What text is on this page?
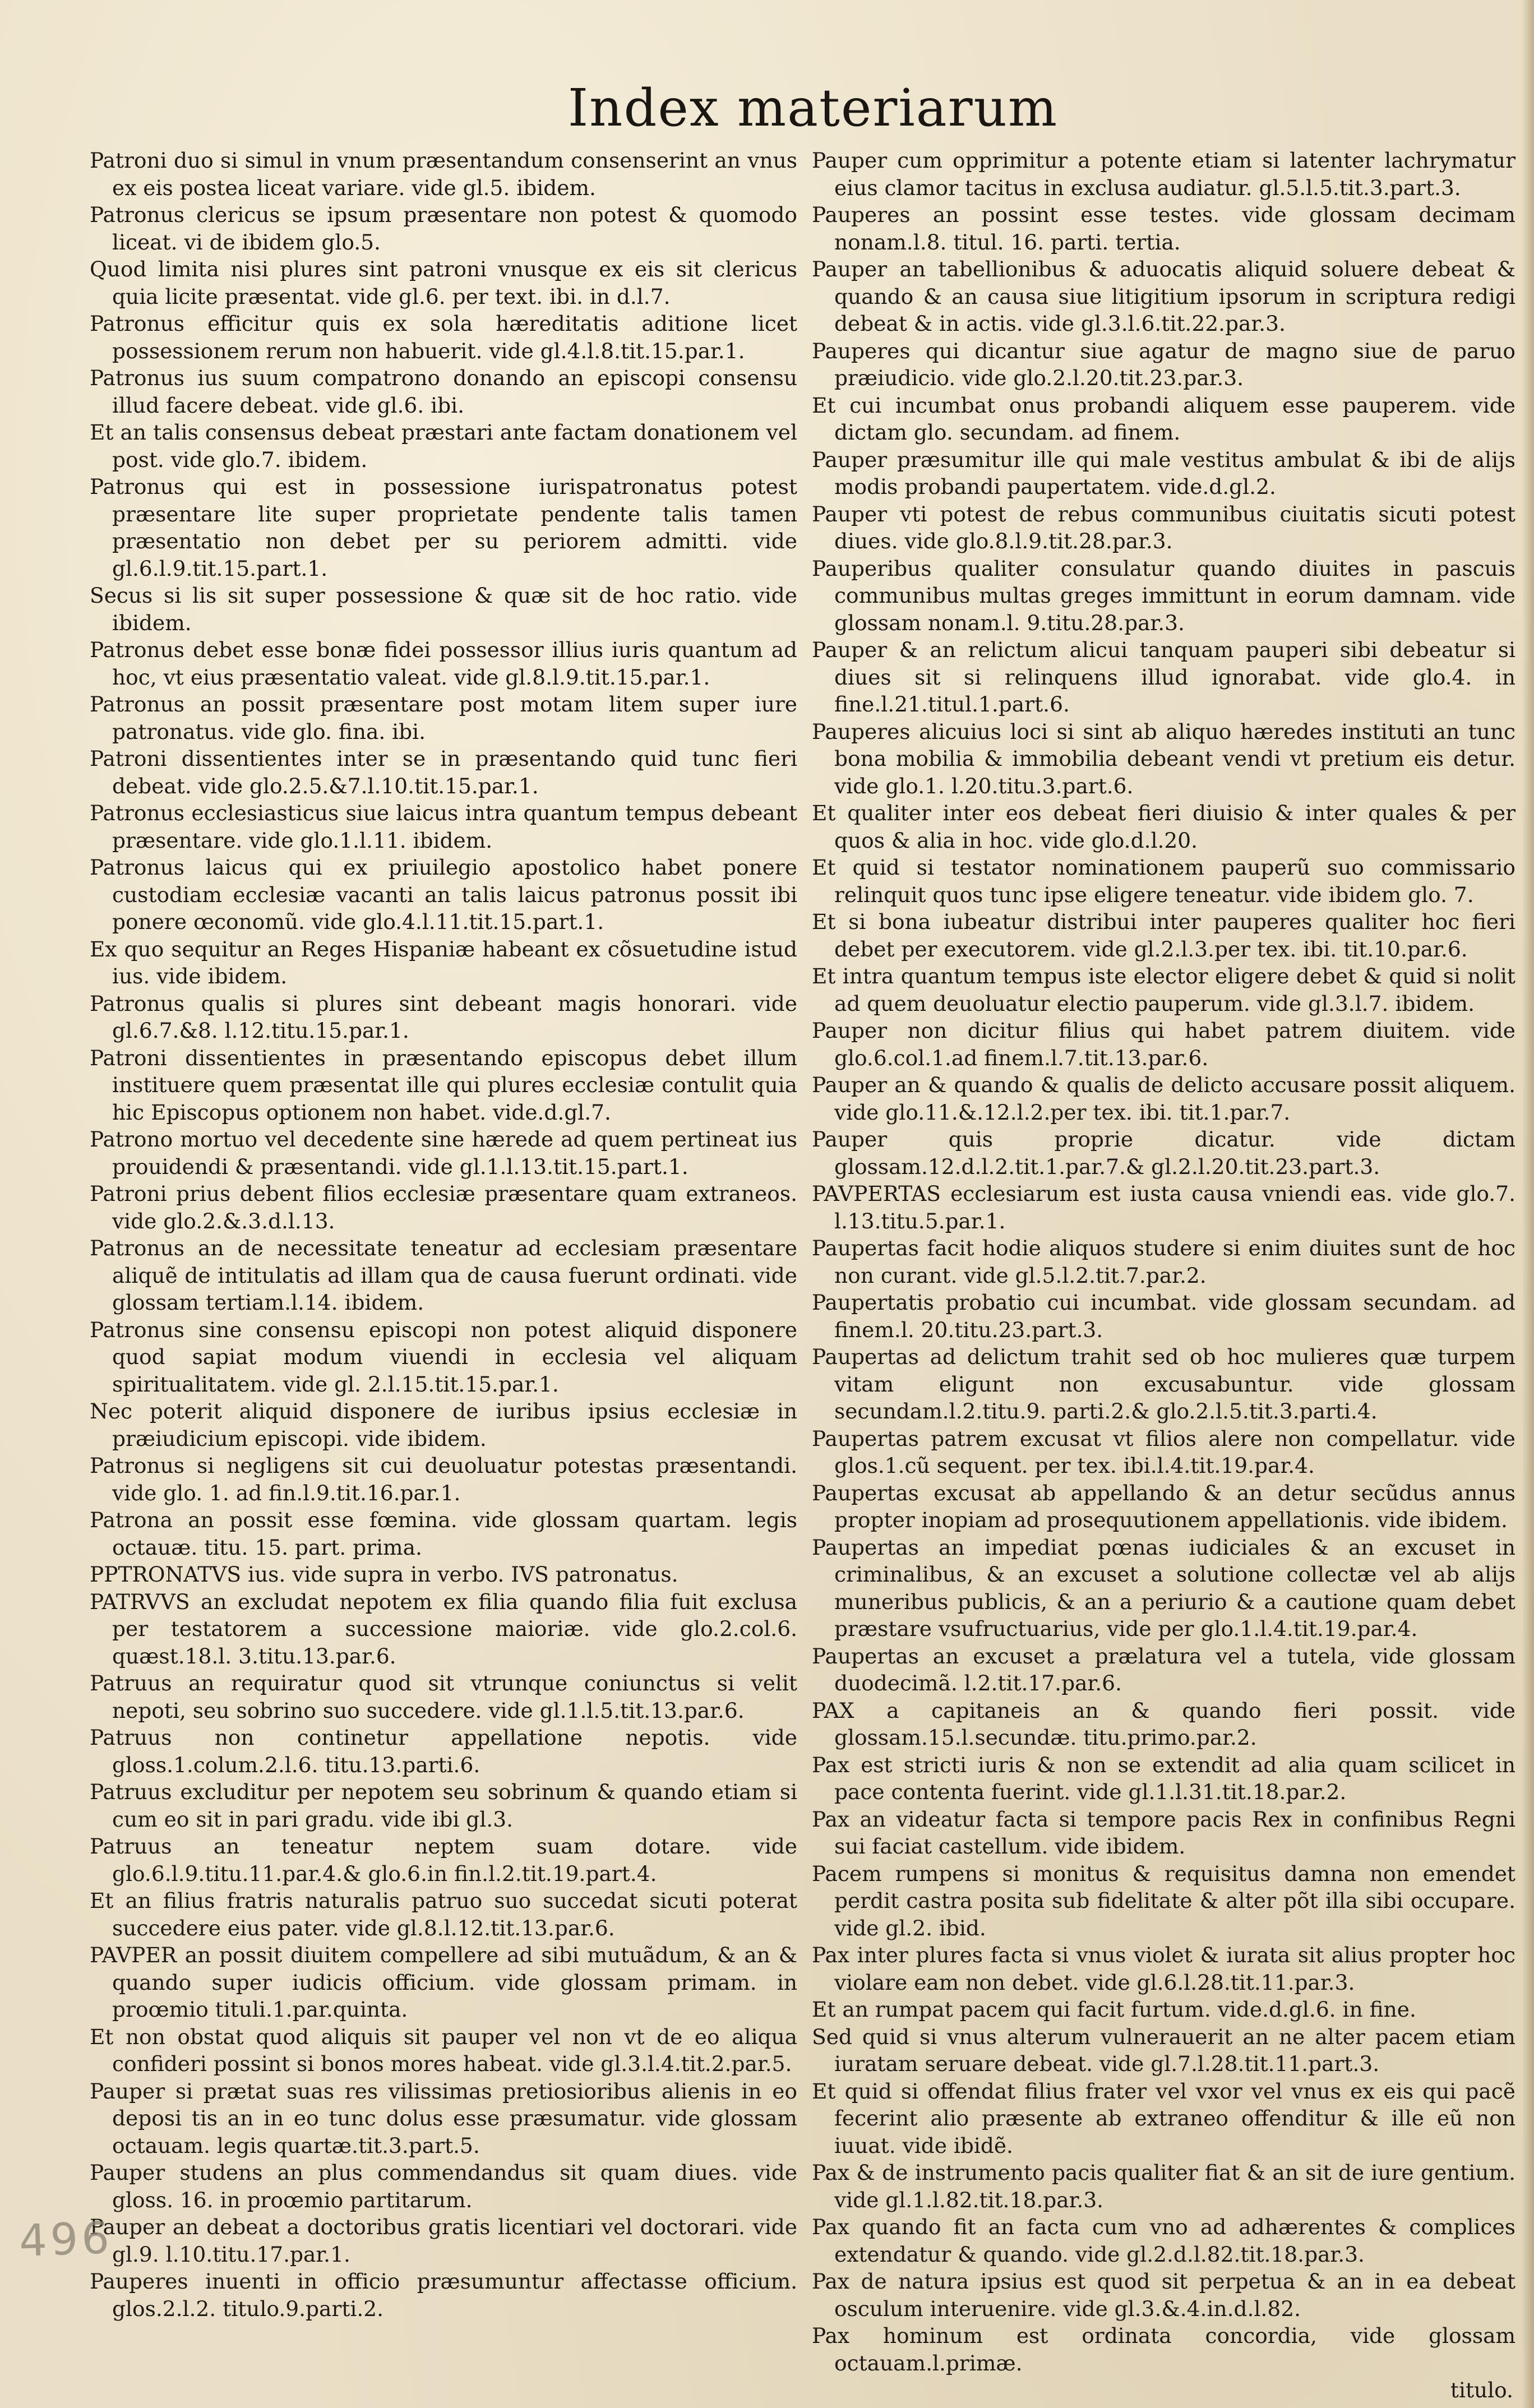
Index materiarum

Patroni duo si simul in vnum præsentandum consenserint an vnus ex eis postea liceat variare. vide gl.5. ibidem.

Patronus clericus se ipsum præsentare non potest & quomodo liceat. vi de ibidem glo.5.

Quod limita nisi plures sint patroni vnusque ex eis sit clericus quia licite præsentat. vide gl.6. per text. ibi. in d.l.7.

Patronus efficitur quis ex sola hæreditatis aditione licet possessionem rerum non habuerit. vide gl.4.l.8.tit.15.par.1.

Patronus ius suum compatrono donando an episcopi consensu illud facere debeat. vide gl.6. ibi.

Et an talis consensus debeat præstari ante factam donationem vel post. vide glo.7. ibidem.

Patronus qui est in possessione iurispatronatus potest præsentare lite super proprietate pendente talis tamen præsentatio non debet per su periorem admitti. vide gl.6.l.9.tit.15.part.1.

Secus si lis sit super possessione & quæ sit de hoc ratio. vide ibidem.

Patronus debet esse bonæ fidei possessor illius iuris quantum ad hoc, vt eius præsentatio valeat. vide gl.8.l.9.tit.15.par.1.

Patronus an possit præsentare post motam litem super iure patronatus. vide glo. fina. ibi.

Patroni dissentientes inter se in præsentando quid tunc fieri debeat. vide glo.2.5.&7.l.10.tit.15.par.1.

Patronus ecclesiasticus siue laicus intra quantum tempus debeant præsentare. vide glo.1.l.11. ibidem.

Patronus laicus qui ex priuilegio apostolico habet ponere custodiam ecclesiæ vacanti an talis laicus patronus possit ibi ponere œconomũ. vide glo.4.l.11.tit.15.part.1.

Ex quo sequitur an Reges Hispaniæ habeant ex cõsuetudine istud ius. vide ibidem.

Patronus qualis si plures sint debeant magis honorari. vide gl.6.7.&8. l.12.titu.15.par.1.

Patroni dissentientes in præsentando episcopus debet illum instituere quem præsentat ille qui plures ecclesiæ contulit quia hic Episcopus optionem non habet. vide.d.gl.7.

Patrono mortuo vel decedente sine hærede ad quem pertineat ius prouidendi & præsentandi. vide gl.1.l.13.tit.15.part.1.

Patroni prius debent filios ecclesiæ præsentare quam extraneos. vide glo.2.&.3.d.l.13.

Patronus an de necessitate teneatur ad ecclesiam præsentare aliquẽ de intitulatis ad illam qua de causa fuerunt ordinati. vide glossam tertiam.l.14. ibidem.

Patronus sine consensu episcopi non potest aliquid disponere quod sapiat modum viuendi in ecclesia vel aliquam spiritualitatem. vide gl. 2.l.15.tit.15.par.1.

Nec poterit aliquid disponere de iuribus ipsius ecclesiæ in præiudicium episcopi. vide ibidem.

Patronus si negligens sit cui deuoluatur potestas præsentandi. vide glo. 1. ad fin.l.9.tit.16.par.1.

Patrona an possit esse fœmina. vide glossam quartam. legis octauæ. titu. 15. part. prima.

PPTRONATVS ius. vide supra in verbo. IVS patronatus.

PATRVVS an excludat nepotem ex filia quando filia fuit exclusa per testatorem a successione maioriæ. vide glo.2.col.6. quæst.18.l. 3.titu.13.par.6.

Patruus an requiratur quod sit vtrunque coniunctus si velit nepoti, seu sobrino suo succedere. vide gl.1.l.5.tit.13.par.6.

Patruus non continetur appellatione nepotis. vide gloss.1.colum.2.l.6. titu.13.parti.6.

Patruus excluditur per nepotem seu sobrinum & quando etiam si cum eo sit in pari gradu. vide ibi gl.3.

Patruus an teneatur neptem suam dotare. vide glo.6.l.9.titu.11.par.4.& glo.6.in fin.l.2.tit.19.part.4.

Et an filius fratris naturalis patruo suo succedat sicuti poterat succedere eius pater. vide gl.8.l.12.tit.13.par.6.

PAVPER an possit diuitem compellere ad sibi mutuãdum, & an & quando super iudicis officium. vide glossam primam. in proœmio tituli.1.par.quinta.

Et non obstat quod aliquis sit pauper vel non vt de eo aliqua confideri possint si bonos mores habeat. vide gl.3.l.4.tit.2.par.5.

Pauper si prætat suas res vilissimas pretiosioribus alienis in eo deposi tis an in eo tunc dolus esse præsumatur. vide glossam octauam. legis quartæ.tit.3.part.5.

Pauper studens an plus commendandus sit quam diues. vide gloss. 16. in proœmio partitarum.

Pauper an debeat a doctoribus gratis licentiari vel doctorari. vide gl.9. l.10.titu.17.par.1.

Pauperes inuenti in officio præsumuntur affectasse officium. glos.2.l.2. titulo.9.parti.2.

Pauper cum opprimitur a potente etiam si latenter lachrymatur eius clamor tacitus in exclusa audiatur. gl.5.l.5.tit.3.part.3.

Pauperes an possint esse testes. vide glossam decimam nonam.l.8. titul. 16. parti. tertia.

Pauper an tabellionibus & aduocatis aliquid soluere debeat & quando & an causa siue litigitium ipsorum in scriptura redigi debeat & in actis. vide gl.3.l.6.tit.22.par.3.

Pauperes qui dicantur siue agatur de magno siue de paruo præiudicio. vide glo.2.l.20.tit.23.par.3.

Et cui incumbat onus probandi aliquem esse pauperem. vide dictam glo. secundam. ad finem.

Pauper præsumitur ille qui male vestitus ambulat & ibi de alijs modis probandi paupertatem. vide.d.gl.2.

Pauper vti potest de rebus communibus ciuitatis sicuti potest diues. vide glo.8.l.9.tit.28.par.3.

Pauperibus qualiter consulatur quando diuites in pascuis communibus multas greges immittunt in eorum damnam. vide glossam nonam.l. 9.titu.28.par.3.

Pauper & an relictum alicui tanquam pauperi sibi debeatur si diues sit si relinquens illud ignorabat. vide glo.4. in fine.l.21.titul.1.part.6.

Pauperes alicuius loci si sint ab aliquo hæredes instituti an tunc bona mobilia & immobilia debeant vendi vt pretium eis detur. vide glo.1. l.20.titu.3.part.6.

Et qualiter inter eos debeat fieri diuisio & inter quales & per quos & alia in hoc. vide glo.d.l.20.

Et quid si testator nominationem pauperũ suo commissario relinquit quos tunc ipse eligere teneatur. vide ibidem glo. 7.

Et si bona iubeatur distribui inter pauperes qualiter hoc fieri debet per executorem. vide gl.2.l.3.per tex. ibi. tit.10.par.6.

Et intra quantum tempus iste elector eligere debet & quid si nolit ad quem deuoluatur electio pauperum. vide gl.3.l.7. ibidem.

Pauper non dicitur filius qui habet patrem diuitem. vide glo.6.col.1.ad finem.l.7.tit.13.par.6.

Pauper an & quando & qualis de delicto accusare possit aliquem. vide glo.11.&.12.l.2.per tex. ibi. tit.1.par.7.

Pauper quis proprie dicatur. vide dictam glossam.12.d.l.2.tit.1.par.7.& gl.2.l.20.tit.23.part.3.

PAVPERTAS ecclesiarum est iusta causa vniendi eas. vide glo.7. l.13.titu.5.par.1.

Paupertas facit hodie aliquos studere si enim diuites sunt de hoc non curant. vide gl.5.l.2.tit.7.par.2.

Paupertatis probatio cui incumbat. vide glossam secundam. ad finem.l. 20.titu.23.part.3.

Paupertas ad delictum trahit sed ob hoc mulieres quæ turpem vitam eligunt non excusabuntur. vide glossam secundam.l.2.titu.9. parti.2.& glo.2.l.5.tit.3.parti.4.

Paupertas patrem excusat vt filios alere non compellatur. vide glos.1.cũ sequent. per tex. ibi.l.4.tit.19.par.4.

Paupertas excusat ab appellando & an detur secũdus annus propter inopiam ad prosequutionem appellationis. vide ibidem.

Paupertas an impediat pœnas iudiciales & an excuset in criminalibus, & an excuset a solutione collectæ vel ab alijs muneribus publicis, & an a periurio & a cautione quam debet præstare vsufructuarius, vide per glo.1.l.4.tit.19.par.4.

Paupertas an excuset a prælatura vel a tutela, vide glossam duodecimã. l.2.tit.17.par.6.

PAX a capitaneis an & quando fieri possit. vide glossam.15.l.secundæ. titu.primo.par.2.

Pax est stricti iuris & non se extendit ad alia quam scilicet in pace contenta fuerint. vide gl.1.l.31.tit.18.par.2.

Pax an videatur facta si tempore pacis Rex in confinibus Regni sui faciat castellum. vide ibidem.

Pacem rumpens si monitus & requisitus damna non emendet perdit castra posita sub fidelitate & alter põt illa sibi occupare. vide gl.2. ibid.

Pax inter plures facta si vnus violet & iurata sit alius propter hoc violare eam non debet. vide gl.6.l.28.tit.11.par.3.

Et an rumpat pacem qui facit furtum. vide.d.gl.6. in fine.

Sed quid si vnus alterum vulnerauerit an ne alter pacem etiam iuratam seruare debeat. vide gl.7.l.28.tit.11.part.3.

Et quid si offendat filius frater vel vxor vel vnus ex eis qui pacẽ fecerint alio præsente ab extraneo offenditur & ille eũ non iuuat. vide ibidẽ.

Pax & de instrumento pacis qualiter fiat & an sit de iure gentium. vide gl.1.l.82.tit.18.par.3.

Pax quando fit an facta cum vno ad adhærentes & complices extendatur & quando. vide gl.2.d.l.82.tit.18.par.3.

Pax de natura ipsius est quod sit perpetua & an in ea debeat osculum interuenire. vide gl.3.&.4.in.d.l.82.

Pax hominum est ordinata concordia, vide glossam octauam.l.primæ.

titulo.

496
